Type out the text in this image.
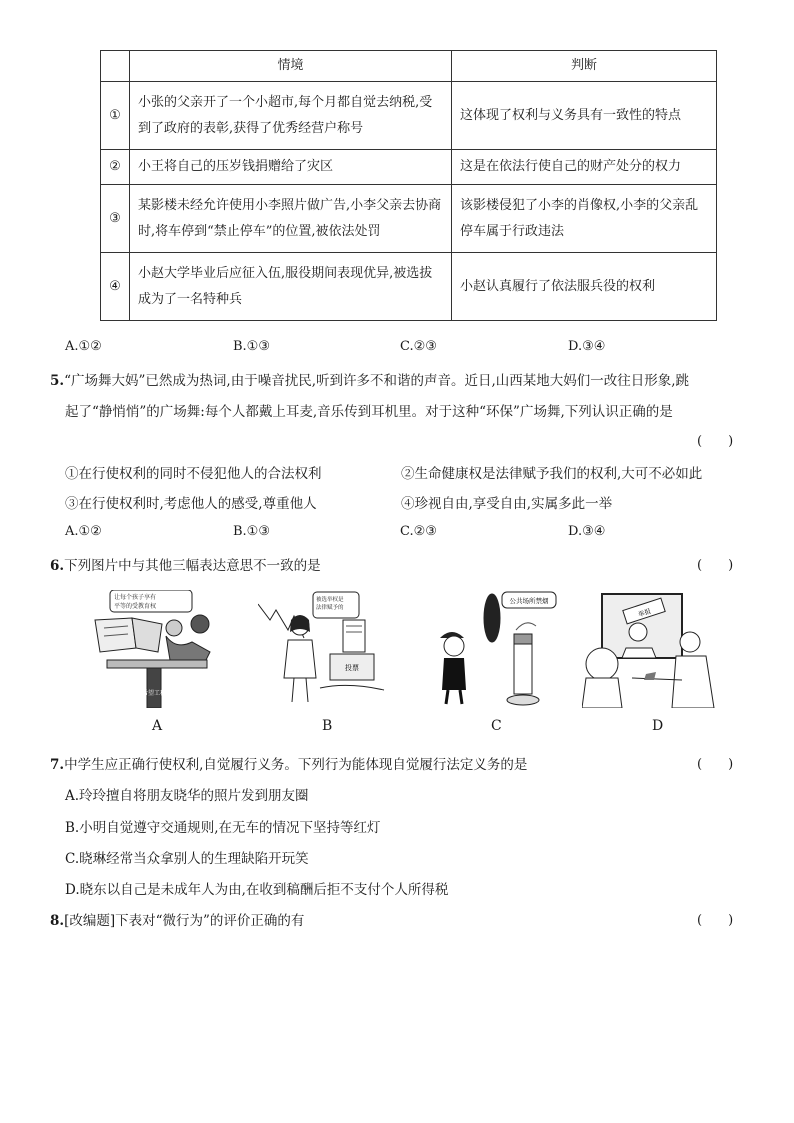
	情境	判断
①	小张的父亲开了一个小超市,每个月都自觉去纳税,受到了政府的表彰,获得了优秀经营户称号	这体现了权利与义务具有一致性的特点
②	小王将自己的压岁钱捐赠给了灾区	这是在依法行使自己的财产处分的权力
③	某影楼未经允许使用小李照片做广告,小李父亲去协商时,将车停到“禁止停车”的位置,被依法处罚	该影楼侵犯了小李的肖像权,小李的父亲乱停车属于行政违法
④	小赵大学毕业后应征入伍,服役期间表现优异,被选拔成为了一名特种兵	小赵认真履行了依法服兵役的权利
A.①②	B.①③	C.②③	D.③④
5.“广场舞大妈”已然成为热词,由于噪音扰民,听到许多不和谐的声音。近日,山西某地大妈们一改往日形象,跳
起了“静悄悄”的广场舞:每个人都戴上耳麦,音乐传到耳机里。对于这种“环保”广场舞,下列认识正确的是
(　　)
①在行使权利的同时不侵犯他人的合法权利	②生命健康权是法律赋予我们的权利,大可不必如此
③在行使权利时,考虑他人的感受,尊重他人	④珍视自由,享受自由,实属多此一举
A.①②	B.①③	C.②③	D.③④
6.下列图片中与其他三幅表达意思不一致的是	(　　)
让每个孩子享有平等的受教育权
希望工程
被选举权是法律赋予的
投票
公共场所禁烟
举报
A	B	C	D
7.中学生应正确行使权利,自觉履行义务。下列行为能体现自觉履行法定义务的是	(　　)
A.玲玲擅自将朋友晓华的照片发到朋友圈
B.小明自觉遵守交通规则,在无车的情况下坚持等红灯
C.晓琳经常当众拿别人的生理缺陷开玩笑
D.晓东以自己是未成年人为由,在收到稿酬后拒不支付个人所得税
8.[改编题]下表对“微行为”的评价正确的有	(　　)
